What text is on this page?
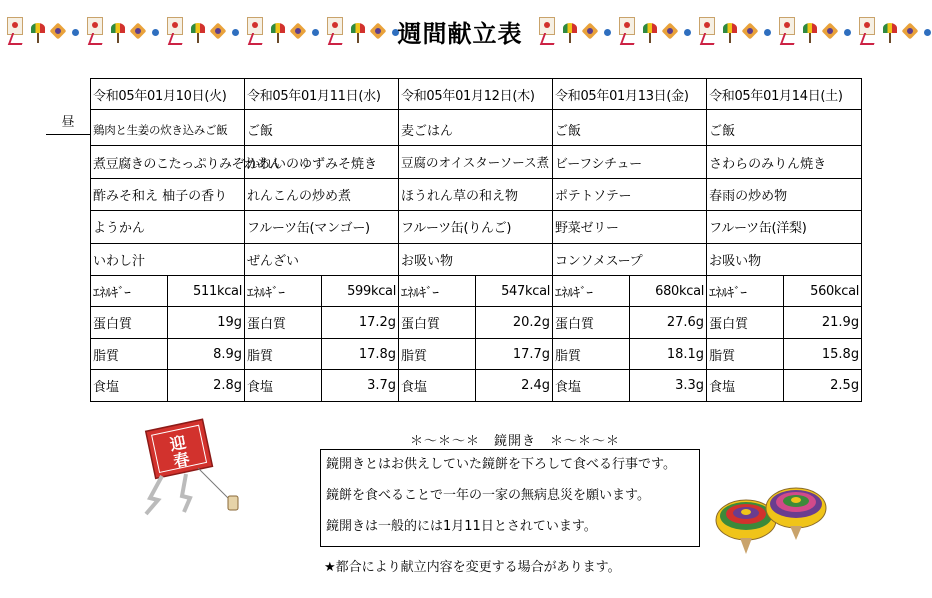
週間献立表
昼
令和05年01月10日(火)		令和05年01月11日(水)		令和05年01月12日(木)		令和05年01月13日(金)		令和05年01月14日(土)	
鶏肉と生姜の炊き込みご飯		ご飯		麦ごはん		ご飯		ご飯	
煮豆腐きのこたっぷりみぞれあん		かれいのゆずみそ焼き		豆腐のオイスターソース煮		ビーフシチュー		さわらのみりん焼き	
酢みそ和え 柚子の香り		れんこんの炒め煮		ほうれん草の和え物		ポテトソテー		春雨の炒め物	
ようかん		フルーツ缶(マンゴー)		フルーツ缶(りんご)		野菜ゼリー		フルーツ缶(洋梨)	
いわし汁		ぜんざい		お吸い物		コンソメスープ		お吸い物	
ｴﾈﾙｷﾞｰ	511kcal	ｴﾈﾙｷﾞｰ	599kcal	ｴﾈﾙｷﾞｰ	547kcal	ｴﾈﾙｷﾞｰ	680kcal	ｴﾈﾙｷﾞｰ	560kcal
蛋白質	19g	蛋白質	17.2g	蛋白質	20.2g	蛋白質	27.6g	蛋白質	21.9g
脂質	8.9g	脂質	17.8g	脂質	17.7g	脂質	18.1g	脂質	15.8g
食塩	2.8g	食塩	3.7g	食塩	2.4g	食塩	3.3g	食塩	2.5g
迎
春
＊～＊～＊　鏡開き　＊～＊～＊
鏡開きとはお供えしていた鏡餅を下ろして食べる行事です。
鏡餅を食べることで一年の一家の無病息災を願います。
鏡開きは一般的には1月11日とされています。
★都合により献立内容を変更する場合があります。
